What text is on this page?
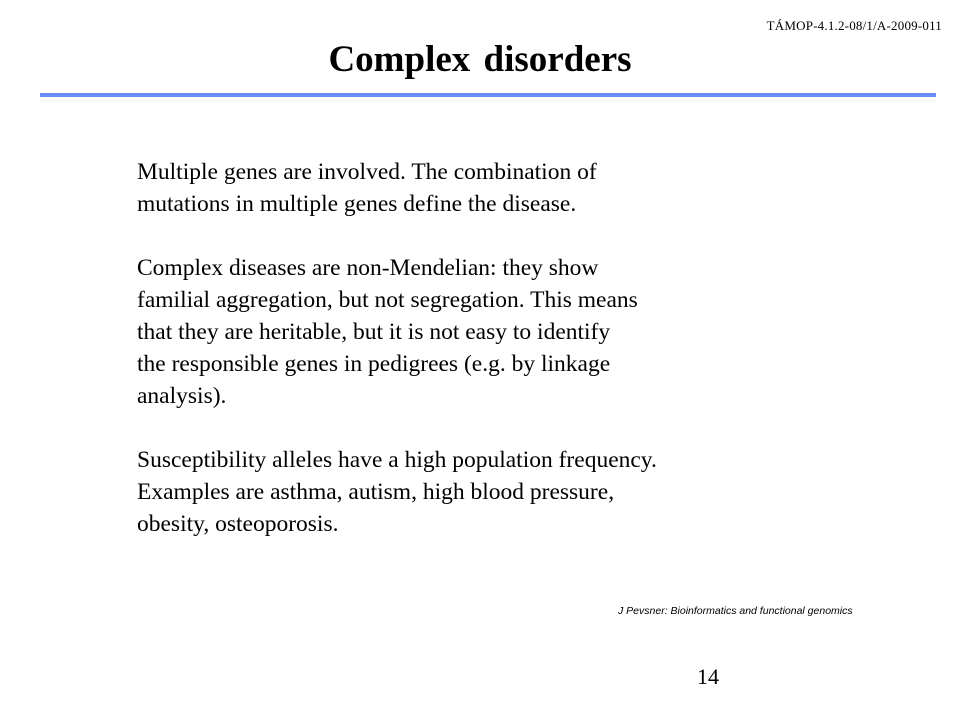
TÁMOP-4.1.2-08/1/A-2009-011
Complex disorders
Multiple genes are involved. The combination of
mutations in multiple genes define the disease.
Complex diseases are non-Mendelian: they show
familial aggregation, but not segregation. This means
that they are heritable, but it is not easy to identify
the responsible genes in pedigrees (e.g. by linkage
analysis).
Susceptibility alleles have a high population frequency.
Examples are asthma, autism, high blood pressure,
obesity, osteoporosis.
J Pevsner: Bioinformatics and functional genomics
14
